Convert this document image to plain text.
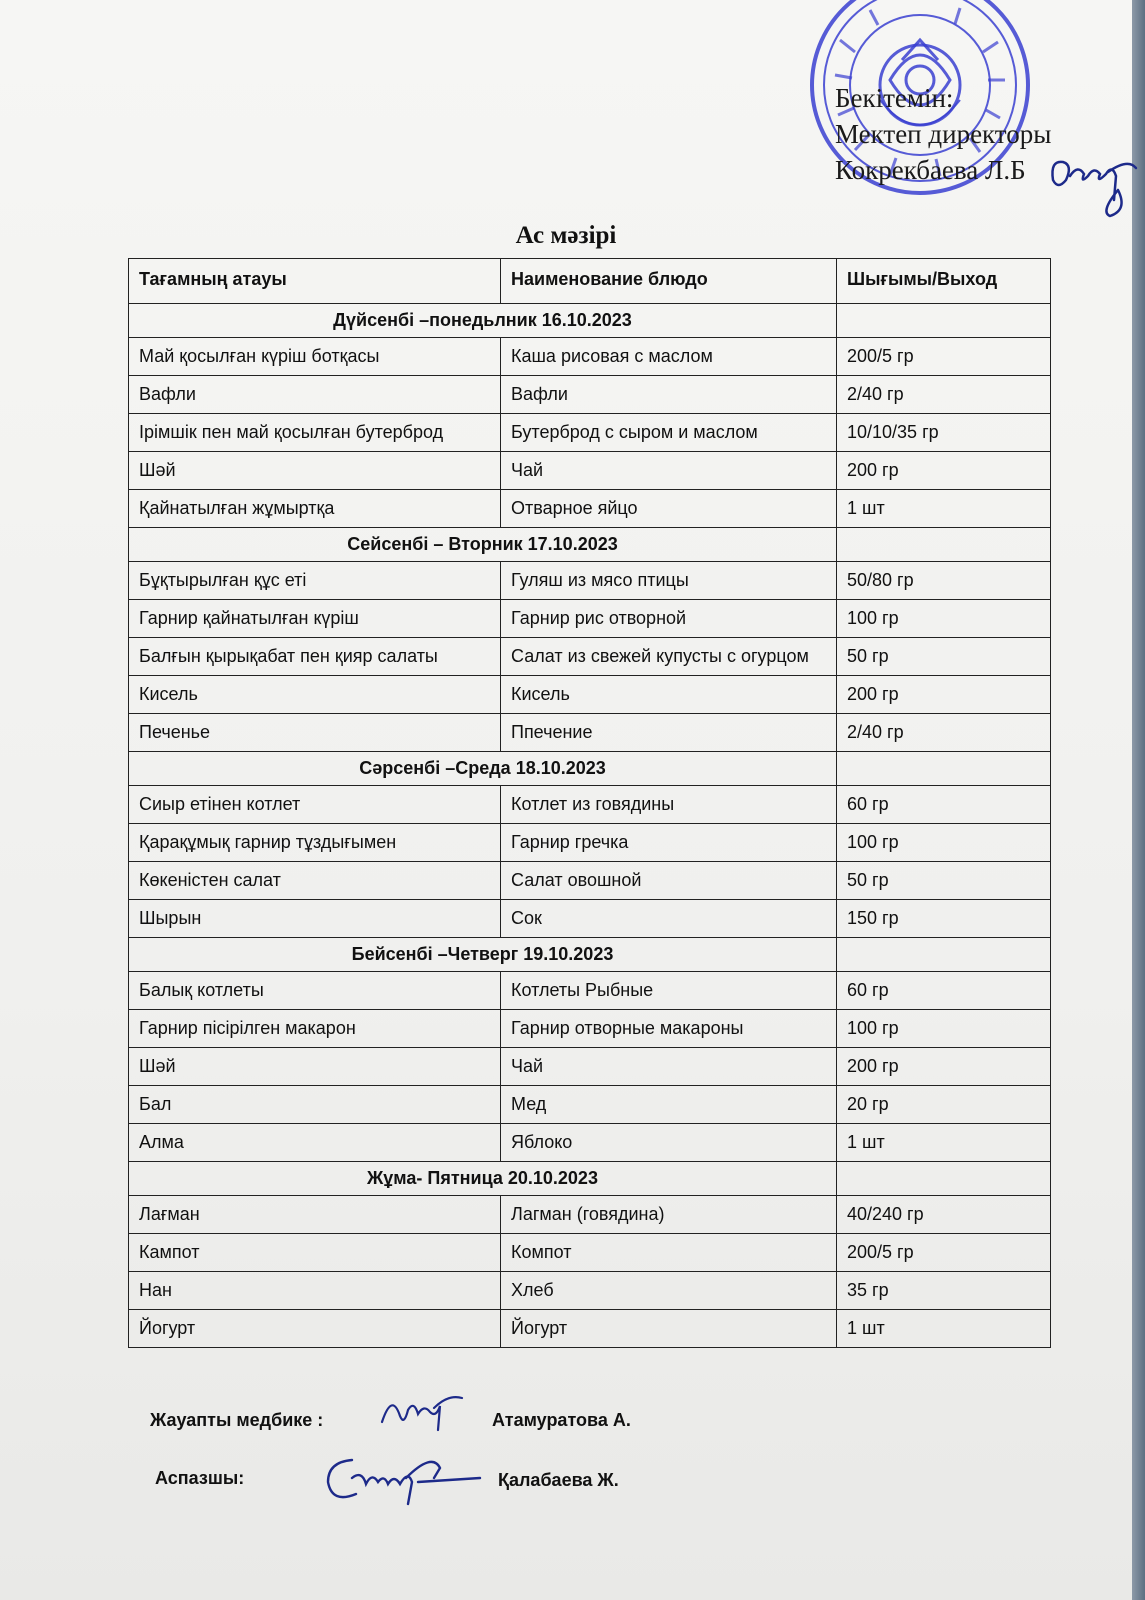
Бекітемін:
Мектеп директоры
Кокрекбаева Л.Б
Ас мәзірі
Тағамның атауы	Наименование блюдо	Шығымы/Выход
Дүйсенбі –понедьлник 16.10.2023		
Май қосылған күріш ботқасы	Каша рисовая с маслом	200/5 гр
Вафли	Вафли	2/40 гр
Ірімшік пен май қосылған бутерброд	Бутерброд с сыром и маслом	10/10/35 гр
Шәй	Чай	200 гр
Қайнатылған жұмыртқа	Отварное яйцо	1 шт
Сейсенбі – Вторник 17.10.2023		
Бұқтырылған құс еті	Гуляш из мясо птицы	50/80 гр
Гарнир қайнатылған күріш	Гарнир рис отворной	100 гр
Балғын қырықабат пен қияр салаты	Салат из свежей купусты с огурцом	50 гр
Кисель	Кисель	200 гр
Печенье	Ппечение	2/40 гр
Сәрсенбі –Среда 18.10.2023		
Сиыр етінен котлет	Котлет из говядины	60 гр
Қарақұмық гарнир тұздығымен	Гарнир гречка	100 гр
Көкеністен салат	Салат овошной	50 гр
Шырын	Сок	150 гр
Бейсенбі –Четверг 19.10.2023		
Балық котлеты	Котлеты Рыбные	60 гр
Гарнир пісірілген макарон	Гарнир отворные макароны	100 гр
Шәй	Чай	200 гр
Бал	Мед	20 гр
Алма	Яблоко	1 шт
Жұма- Пятница 20.10.2023		
Лағман	Лагман (говядина)	40/240 гр
Кампот	Компот	200/5 гр
Нан	Хлеб	35 гр
Йогурт	Йогурт	1 шт
Жауапты медбике :	Атамуратова А.
Аспазшы:	Қалабаева Ж.
